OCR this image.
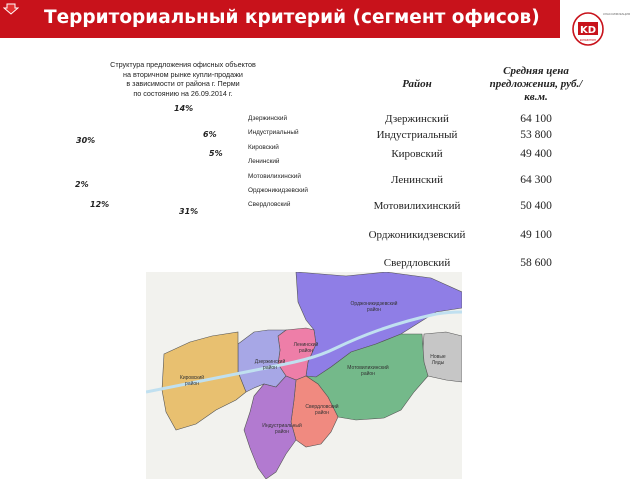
Территориальный критерий (сегмент офисов)	КЛАССИФИКАЦИЯ
KD
консалтинг
Структура предложения офисных объектов
на вторичном рынке купли-продажи
в зависимости от района г. Перми
по состоянию на 26.09.2014 г.
14%
30%
6%
5%
2%
12%
31%
Дзержинский
Индустриальный
Кировский
Ленинский
Мотовилихинский
Орджоникидзевский
Свердловский
Район	Средняя цена предложения, руб./кв.м.
Дзержинский	64 100
Индустриальный	53 800
Кировский	49 400
Ленинский	64 300
Мотовилихинский	50 400
Орджоникидзевский	49 100
Свердловский	58 600
Орджоникидзевский
район
Ленинский
район
Дзержинский
район
Кировский
район
Мотовилихинский
район
Свердловский
район
Индустриальный
район
Новые
Ляды
